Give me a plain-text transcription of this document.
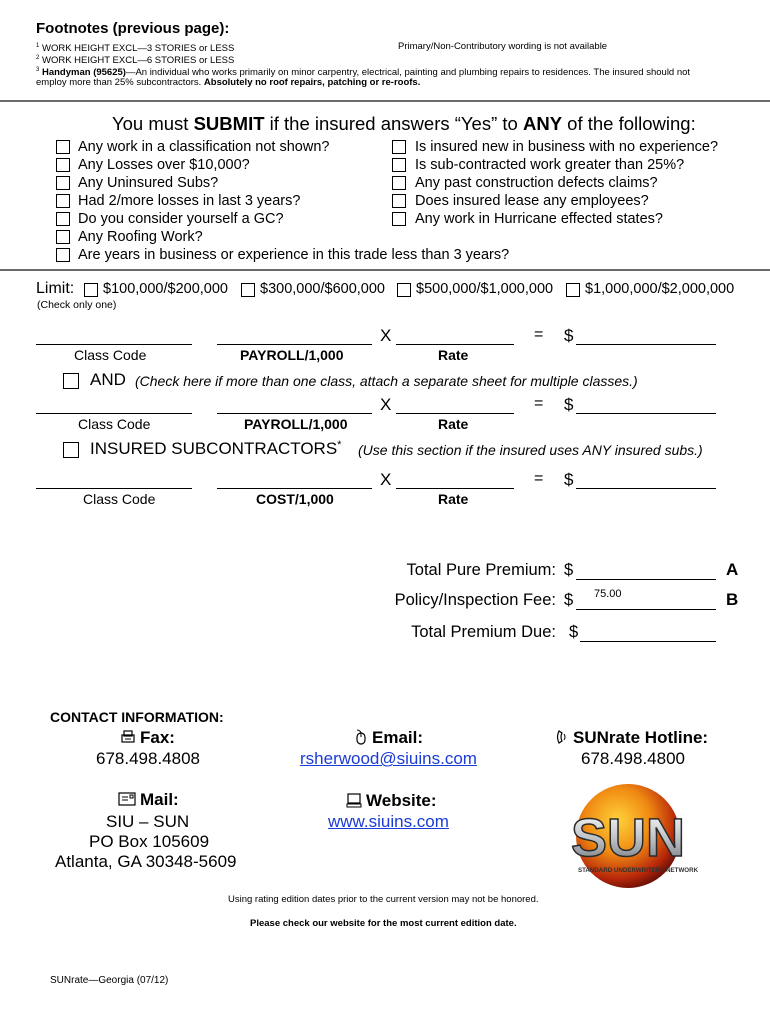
Footnotes (previous page):
$^1$ WORK HEIGHT EXCL—3 STORIES or LESS	Primary/Non-Contributory wording is not available
$^2$ WORK HEIGHT EXCL—6 STORIES or LESS
$^3$ Handyman (95625)—An individual who works primarily on minor carpentry, electrical, painting and plumbing repairs to residences. The insured should not
employ more than 25% subcontractors. Absolutely no roof repairs, patching or re-roofs.
You must SUBMIT if the insured answers “Yes” to ANY of the following:
Any work in a classification not shown?
Any Losses over $10,000?
Any Uninsured Subs?
Had 2/more losses in last 3 years?
Do you consider yourself a GC?
Any Roofing Work?
Are years in business or experience in this trade less than 3 years?
Is insured new in business with no experience?
Is sub-contracted work greater than 25%?
Any past construction defects claims?
Does insured lease any employees?
Any work in Hurricane effected states?
Limit: $100,000/$200,000 $300,000/$600,000 $500,000/$1,000,000 $1,000,000/$2,000,000
(Check only one)
X	= $
Class Code	PAYROLL/1,000	Rate
AND (Check here if more than one class, attach a separate sheet for multiple classes.)
X	= $
Class Code	PAYROLL/1,000	Rate
INSURED SUBCONTRACTORS* (Use this section if the insured uses ANY insured subs.)
X	= $
Class Code	COST/1,000	Rate
Total Pure Premium: $	A
Policy/Inspection Fee: $ 75.00	B
Total Premium Due: $
CONTACT INFORMATION:
Fax:
678.498.4808
Email:
rsherwood@siuins.com
SUNrate Hotline:
678.498.4800
Mail:
SIU – SUN
PO Box 105609
Atlanta, GA 30348-5609
Website:
www.siuins.com SUN
STANDARD UNDERWRITERS NETWORK
Using rating edition dates prior to the current version may not be honored.
Please check our website for the most current edition date.
SUNrate—Georgia (07/12)
